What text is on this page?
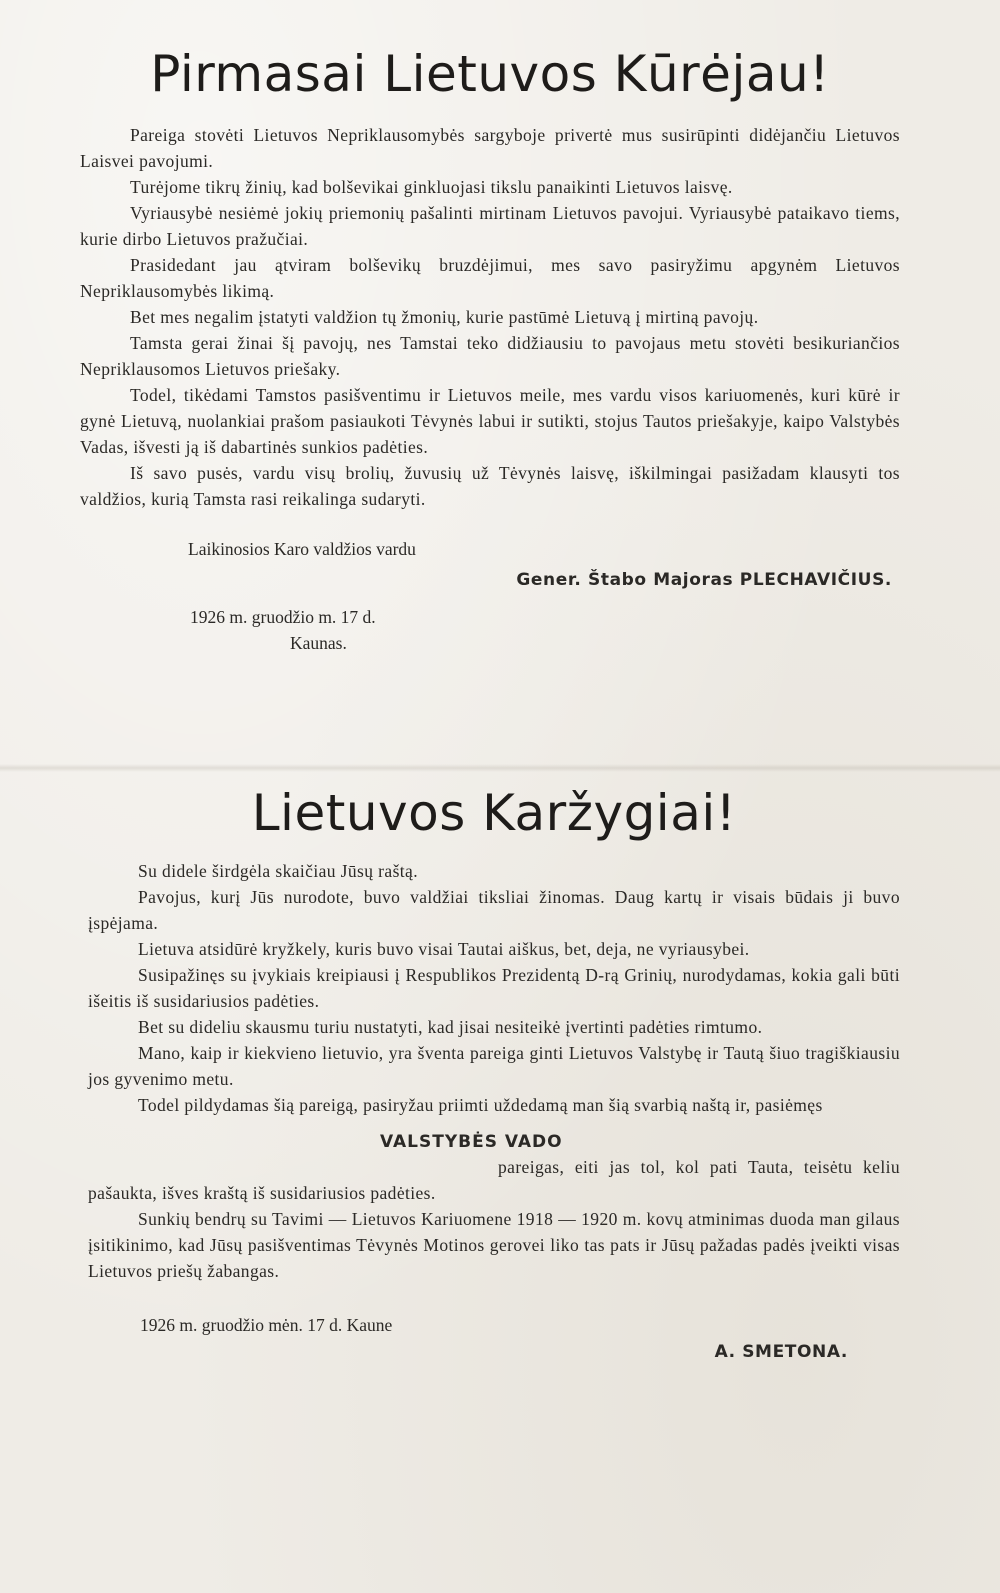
Pirmasai Lietuvos Kūrėjau!

Pareiga stovėti Lietuvos Nepriklausomybės sargyboje privertė mus susirūpinti didėjančiu Lietuvos Laisvei pavojumi.

Turėjome tikrų žinių, kad bolševikai ginkluojasi tikslu panaikinti Lietuvos laisvę.

Vyriausybė nesiėmė jokių priemonių pašalinti mirtinam Lietuvos pavojui. Vyriausybė pataikavo tiems, kurie dirbo Lietuvos pražučiai.

Prasidedant jau ątviram bolševikų bruzdėjimui, mes savo pasiryžimu apgynėm Lietuvos Nepriklausomybės likimą.

Bet mes negalim įstatyti valdžion tų žmonių, kurie pastūmė Lietuvą į mirtiną pavojų.

Tamsta gerai žinai šį pavojų, nes Tamstai teko didžiausiu to pavojaus metu stovėti besikuriančios Nepriklausomos Lietuvos priešaky.

Todel, tikėdami Tamstos pasišventimu ir Lietuvos meile, mes vardu visos kariuomenės, kuri kūrė ir gynė Lietuvą, nuolankiai prašom pasiaukoti Tėvynės labui ir sutikti, stojus Tautos priešakyje, kaipo Valstybės Vadas, išvesti ją iš dabartinės sunkios padėties.

Iš savo pusės, vardu visų brolių, žuvusių už Tėvynės laisvę, iškilmingai pasižadam klausyti tos valdžios, kurią Tamsta rasi reikalinga sudaryti.

Laikinosios Karo valdžios vardu
Gener. Štabo Majoras PLECHAVIČIUS.
1926 m. gruodžio m. 17 d.
Kaunas.
Lietuvos Karžygiai!

Su didele širdgėla skaičiau Jūsų raštą.

Pavojus, kurį Jūs nurodote, buvo valdžiai tiksliai žinomas. Daug kartų ir visais būdais ji buvo įspėjama.

Lietuva atsidūrė kryžkely, kuris buvo visai Tautai aiškus, bet, deja, ne vyriausybei.

Susipažinęs su įvykiais kreipiausi į Respublikos Prezidentą D-rą Grinių, nurodydamas, kokia gali būti išeitis iš susidariusios padėties.

Bet su dideliu skausmu turiu nustatyti, kad jisai nesiteikė įvertinti padėties rimtumo.

Mano, kaip ir kiekvieno lietuvio, yra šventa pareiga ginti Lietuvos Valstybę ir Tautą šiuo tragiškiausiu jos gyvenimo metu.

Todel pildydamas šią pareigą, pasiryžau priimti uždedamą man šią svarbią naštą ir, pasiėmęs

VALSTYBĖS VADO

pareigas, eiti jas tol, kol pati Tauta, teisėtu keliu pašaukta, išves kraštą iš susidariusios padėties.

Sunkių bendrų su Tavimi — Lietuvos Kariuomene 1918 — 1920 m. kovų atminimas duoda man gilaus įsitikinimo, kad Jūsų pasišventimas Tėvynės Motinos gerovei liko tas pats ir Jūsų pažadas padės įveikti visas Lietuvos priešų žabangas.

1926 m. gruodžio mėn. 17 d. Kaune
A. SMETONA.
